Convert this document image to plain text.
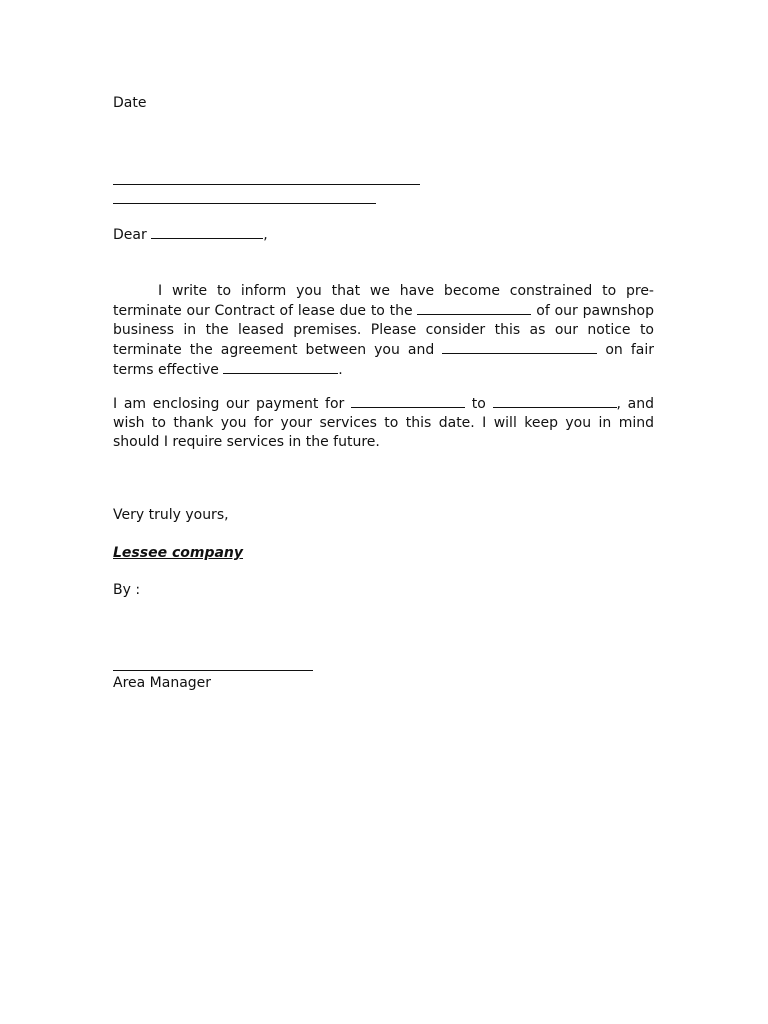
Date
Dear	,
I write to inform you that we have become constrained to pre-terminate our Contract of lease due to the	of our pawnshop business in the leased premises. Please consider this as our notice to terminate the agreement between you and	on fair terms effective	.
I am enclosing our payment for	to	, and wish to thank you for your services to this date. I will keep you in mind should I require services in the future.
Very truly yours,
Lessee company
By :
Area Manager
